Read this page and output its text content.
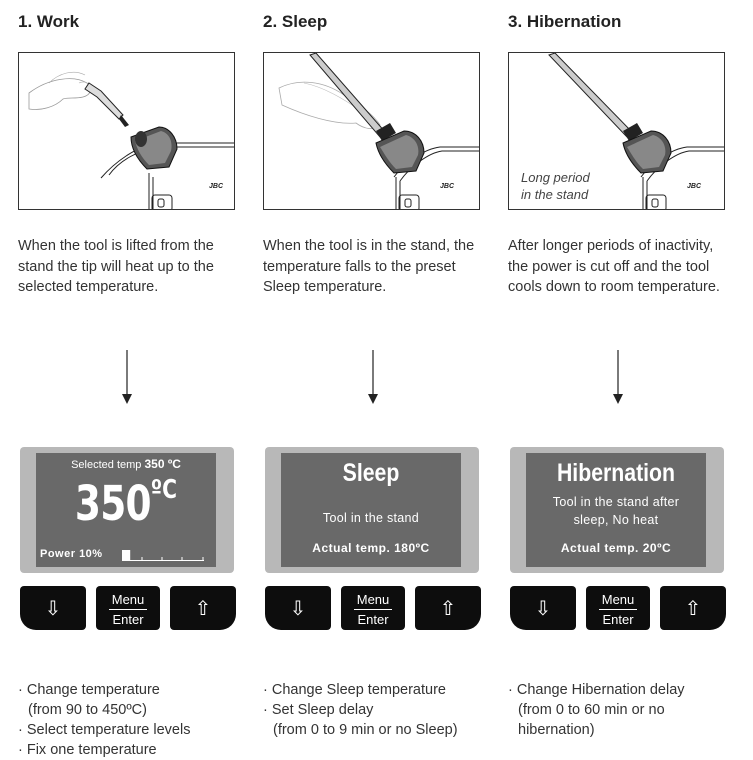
1. Work
JBC
When the tool is lifted from the stand the tip will heat up to the selected temperature.
Selected temp 350 ºC
$350^{ºC}$
Power 10%
⇩	Menu
Enter	⇧
· Change temperature
(from 90 to 450ºC)
· Select temperature levels
· Fix one temperature
2. Sleep
JBC
When the tool is in the stand, the temperature falls to the preset Sleep temperature.
Sleep
Tool in the stand
Actual temp. 180ºC
⇩	Menu
Enter	⇧
· Change Sleep temperature
· Set Sleep delay
(from 0 to 9 min or no Sleep)
3. Hibernation
JBC
Long period
in the stand
After longer periods of inactivity, the power is cut off and the tool cools down to room temperature.
Hibernation
Tool in the stand after sleep, No heat
Actual temp. 20ºC
⇩	Menu
Enter	⇧
· Change Hibernation delay
(from 0 to 60 min or no
hibernation)
